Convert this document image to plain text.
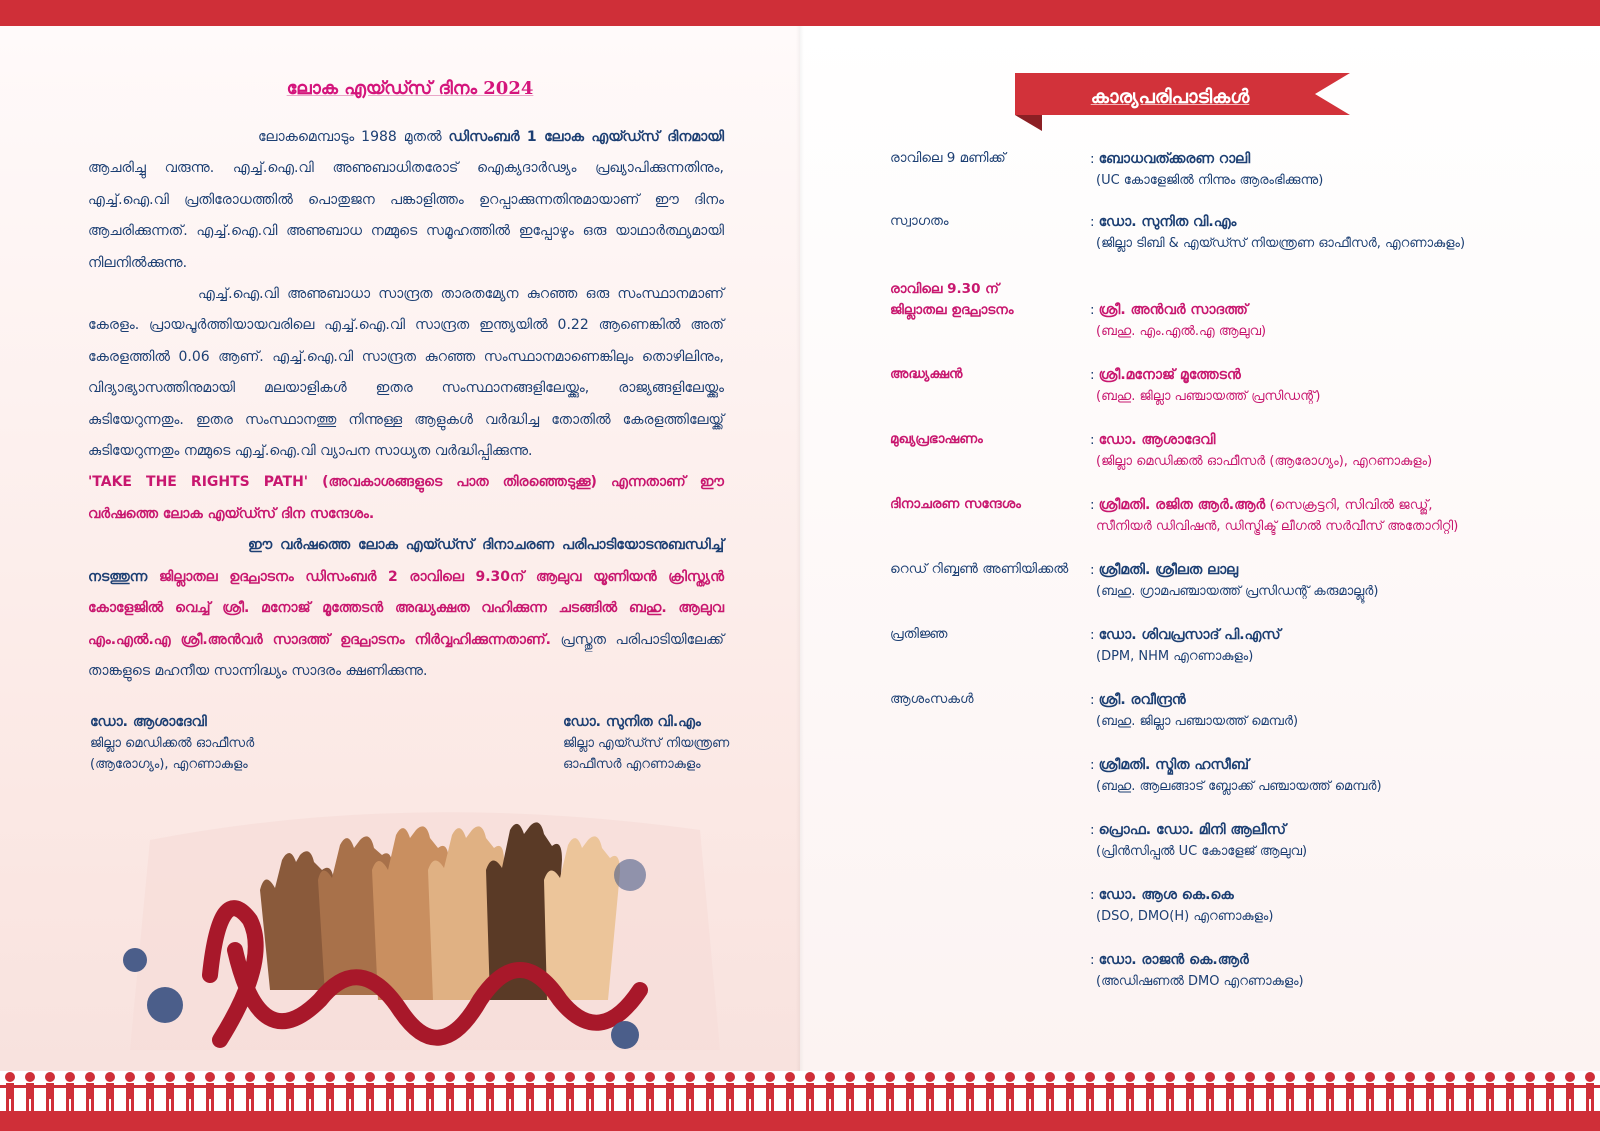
ലോക എയ്ഡ്സ് ദിനം 2024

ലോകമെമ്പാടും 1988 മുതൽ ഡിസംബർ 1 ലോക എയ്ഡ്സ് ദിനമായി ആചരിച്ചു വരുന്നു. എച്ച്.ഐ.വി അണുബാധിതരോട് ഐക്യദാർഢ്യം പ്രഖ്യാപിക്കുന്നതിനും, എച്ച്.ഐ.വി പ്രതിരോധത്തിൽ പൊതുജന പങ്കാളിത്തം ഉറപ്പാക്കുന്നതിനുമായാണ് ഈ ദിനം ആചരിക്കുന്നത്. എച്ച്.ഐ.വി അണുബാധ നമ്മുടെ സമൂഹത്തിൽ ഇപ്പോഴും ഒരു യാഥാർത്ഥ്യമായി നിലനിൽക്കുന്നു.

എച്ച്.ഐ.വി അണുബാധാ സാന്ദ്രത താരതമ്യേന കുറഞ്ഞ ഒരു സംസ്ഥാനമാണ് കേരളം. പ്രായപൂർത്തിയായവരിലെ എച്ച്.ഐ.വി സാന്ദ്രത ഇന്ത്യയിൽ 0.22 ആണെങ്കിൽ അത് കേരളത്തിൽ 0.06 ആണ്. എച്ച്.ഐ.വി സാന്ദ്രത കുറഞ്ഞ സംസ്ഥാനമാണെങ്കിലും തൊഴിലിനും, വിദ്യാഭ്യാസത്തിനുമായി മലയാളികൾ ഇതര സംസ്ഥാനങ്ങളിലേയ്ക്കും, രാജ്യങ്ങളിലേയ്ക്കും കുടിയേറുന്നതും. ഇതര സംസ്ഥാനത്തു നിന്നുള്ള ആളുകൾ വർദ്ധിച്ച തോതിൽ കേരളത്തിലേയ്ക്ക് കുടിയേറുന്നതും നമ്മുടെ എച്ച്.ഐ.വി വ്യാപന സാധ്യത വർദ്ധിപ്പിക്കുന്നു.

'TAKE THE RIGHTS PATH' (അവകാശങ്ങളുടെ പാത തിരഞ്ഞെടുക്കൂ) എന്നതാണ് ഈ വർഷത്തെ ലോക എയ്ഡ്സ് ദിന സന്ദേശം.

ഈ വർഷത്തെ ലോക എയ്ഡ്സ് ദിനാചരണ പരിപാടിയോടനുബന്ധിച്ച് നടത്തുന്ന ജില്ലാതല ഉദ്ഘാടനം ഡിസംബർ 2 രാവിലെ 9.30ന് ആലുവ യൂണിയൻ ക്രിസ്ത്യൻ കോളേജിൽ വെച്ച് ശ്രീ. മനോജ് മൂത്തേടൻ അദ്ധ്യക്ഷത വഹിക്കുന്ന ചടങ്ങിൽ ബഹു. ആലുവ എം.എൽ.എ ശ്രീ.അൻവർ സാദത്ത് ഉദ്ഘാടനം നിർവ്വഹിക്കുന്നതാണ്. പ്രസ്തുത പരിപാടിയിലേക്ക് താങ്കളുടെ മഹനീയ സാന്നിദ്ധ്യം സാദരം ക്ഷണിക്കുന്നു.

ഡോ. ആശാദേവി
ജില്ലാ മെഡിക്കൽ ഓഫീസർ
(ആരോഗ്യം), എറണാകുളം
ഡോ. സുനിത വി.എം
ജില്ലാ എയ്ഡ്സ് നിയന്ത്രണ
ഓഫീസർ എറണാകുളം
കാര്യപരിപാടികൾ
രാവിലെ 9 മണിക്ക്	: ബോധവത്ക്കരണ റാലി
(UC കോളേജിൽ നിന്നും ആരംഭിക്കുന്നു)
സ്വാഗതം	: ഡോ. സുനിത വി.എം
(ജില്ലാ ടിബി & എയ്ഡ്സ് നിയന്ത്രണ ഓഫീസർ, എറണാകുളം)
രാവിലെ 9.30 ന്
ജില്ലാതല ഉദ്ഘാടനം	: ശ്രീ. അൻവർ സാദത്ത്
(ബഹു. എം.എൽ.എ ആലുവ)
അദ്ധ്യക്ഷൻ	: ശ്രീ.മനോജ് മൂത്തേടൻ
(ബഹു. ജില്ലാ പഞ്ചായത്ത് പ്രസിഡന്റ്)
മുഖ്യപ്രഭാഷണം	: ഡോ. ആശാദേവി
(ജില്ലാ മെഡിക്കൽ ഓഫീസർ (ആരോഗ്യം), എറണാകുളം)
ദിനാചരണ സന്ദേശം	: ശ്രീമതി. രജിത ആർ.ആർ (സെക്രട്ടറി, സിവിൽ ജഡ്ജ്,
സീനിയർ ഡിവിഷൻ, ഡിസ്ട്രിക്ട് ലീഗൽ സർവീസ് അതോറിറ്റി)
റെഡ് റിബ്ബൺ അണിയിക്കൽ	: ശ്രീമതി. ശ്രീലത ലാലു
(ബഹു. ഗ്രാമപഞ്ചായത്ത് പ്രസിഡന്റ് കരുമാല്ലൂർ)
പ്രതിജ്ഞ	: ഡോ. ശിവപ്രസാദ് പി.എസ്
(DPM, NHM എറണാകുളം)
ആശംസകൾ	: ശ്രീ. രവീന്ദ്രൻ
(ബഹു. ജില്ലാ പഞ്ചായത്ത് മെമ്പർ)
: ശ്രീമതി. സ്മിത ഹസീബ്
(ബഹു. ആലങ്ങാട് ബ്ലോക്ക് പഞ്ചായത്ത് മെമ്പർ)
: പ്രൊഫ. ഡോ. മിനി ആലീസ്
(പ്രിൻസിപ്പൽ UC കോളേജ് ആലുവ)
: ഡോ. ആശ കെ.കെ
(DSO, DMO(H) എറണാകുളം)
: ഡോ. രാജൻ കെ.ആർ
(അഡിഷണൽ DMO എറണാകുളം)
